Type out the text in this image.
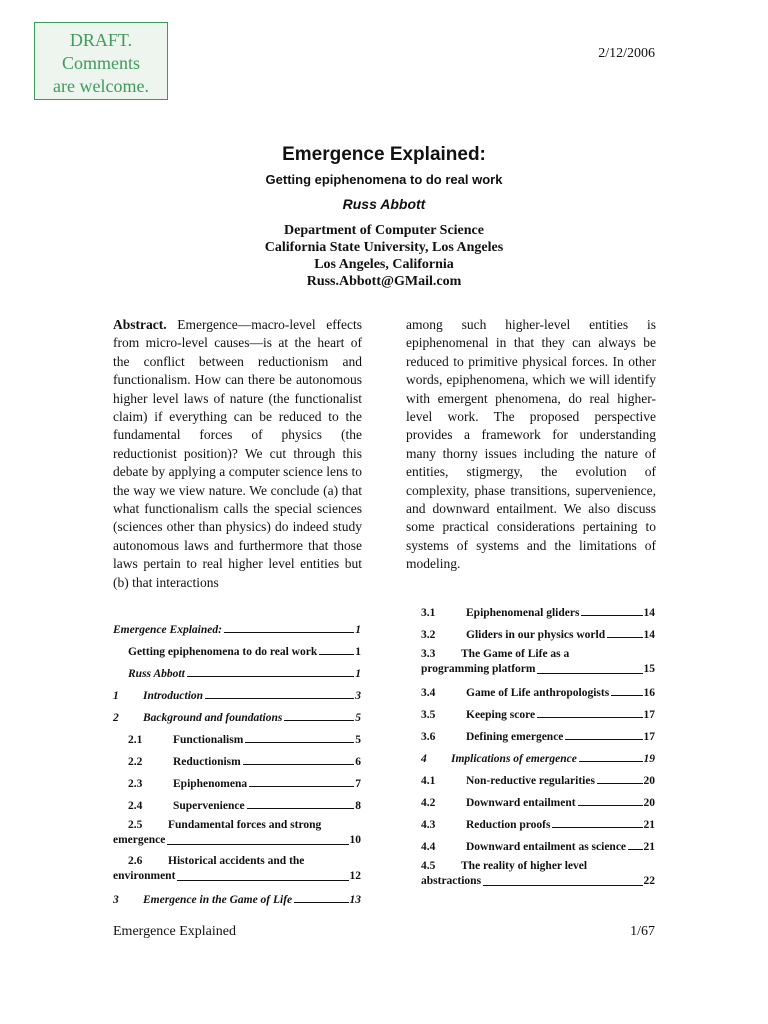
DRAFT.
Comments
are welcome.
2/12/2006
Emergence Explained:
Getting epiphenomena to do real work
Russ Abbott
Department of Computer Science
California State University, Los Angeles
Los Angeles, California
Russ.Abbott@GMail.com
Abstract. Emergence—macro-level effects from micro-level causes—is at the heart of the conflict between reductionism and functionalism. How can there be autonomous higher level laws of nature (the functionalist claim) if everything can be reduced to the fundamental forces of physics (the reductionist position)? We cut through this debate by applying a computer science lens to the way we view nature. We conclude (a) that what functionalism calls the special sciences (sciences other than physics) do indeed study autonomous laws and furthermore that those laws pertain to real higher level entities but (b) that interactions
among such higher-level entities is epiphenomenal in that they can always be reduced to primitive physical forces. In other words, epiphenomena, which we will identify with emergent phenomena, do real higher-level work. The proposed perspective provides a framework for understanding many thorny issues including the nature of entities, stigmergy, the evolution of complexity, phase transitions, supervenience, and downward entailment. We also discuss some practical considerations pertaining to systems of systems and the limitations of modeling.
Emergence Explained:	1
Getting epiphenomena to do real work	1
Russ Abbott	1
1	Introduction	3
2	Background and foundations	5
2.1	Functionalism	5
2.2	Reductionism	6
2.3	Epiphenomena	7
2.4	Supervenience	8
2.5 Fundamental forces and strong
emergence	10
2.6 Historical accidents and the
environment	12
3	Emergence in the Game of Life	13
3.1	Epiphenomenal gliders	14
3.2	Gliders in our physics world	14
3.3 The Game of Life as a
programming platform	15
3.4	Game of Life anthropologists	16
3.5	Keeping score	17
3.6	Defining emergence	17
4	Implications of emergence	19
4.1	Non-reductive regularities	20
4.2	Downward entailment	20
4.3	Reduction proofs	21
4.4	Downward entailment as science 21
4.5 The reality of higher level
abstractions	22
Emergence Explained	1/67
